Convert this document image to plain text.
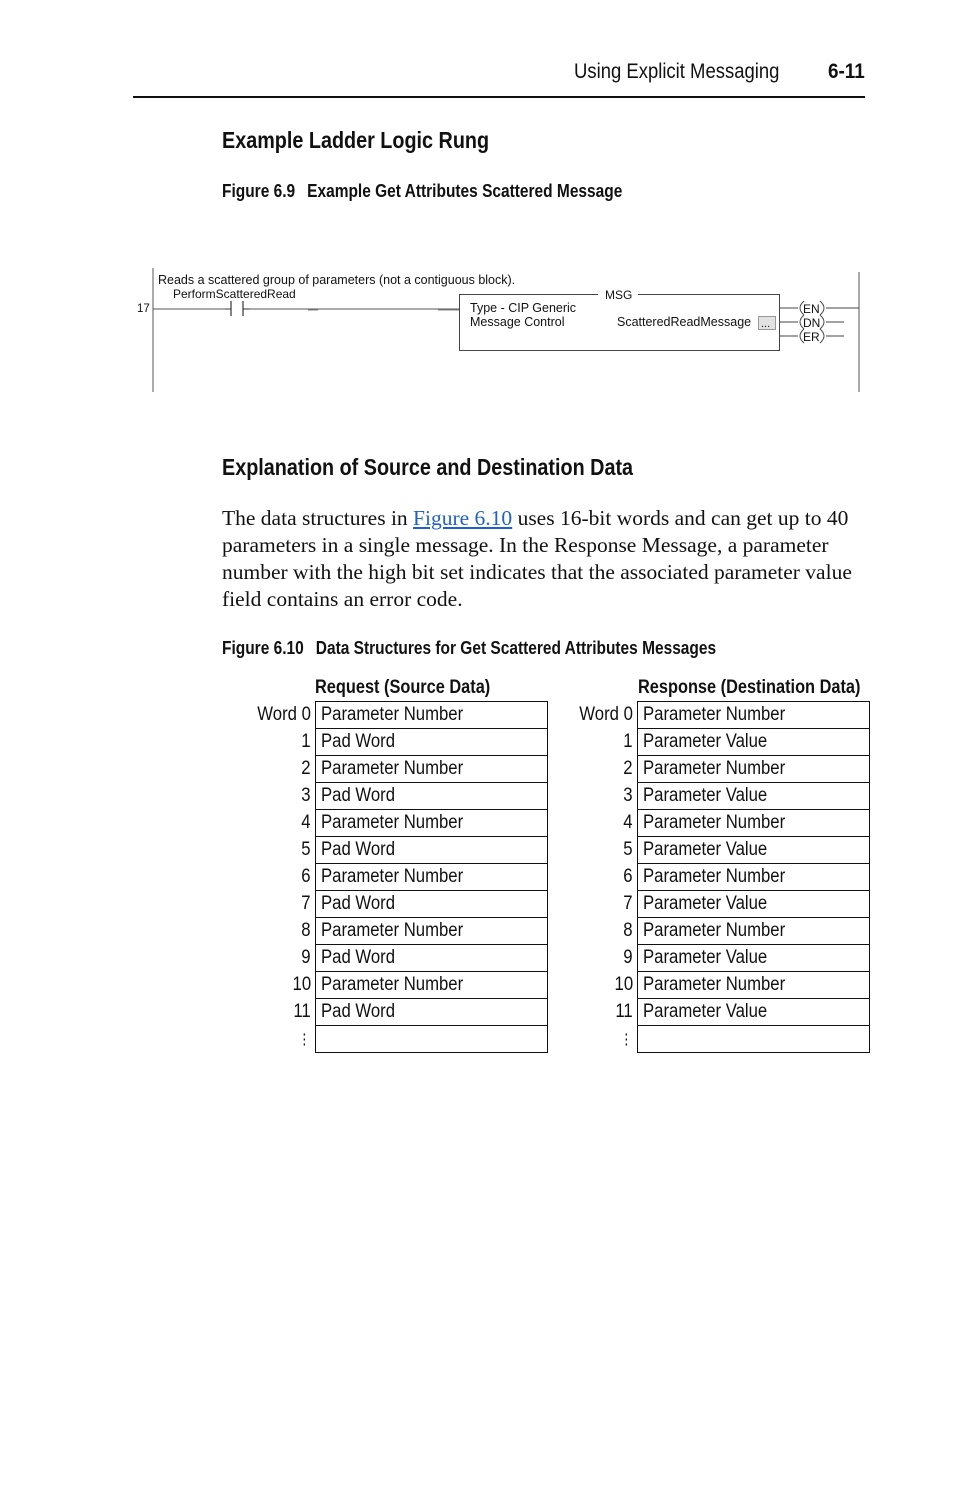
Using Explicit Messaging 6-11
Example Ladder Logic Rung
Figure 6.9 Example Get Attributes Scattered Message
Reads a scattered group of parameters (not a contiguous block).
17
PerformScatteredRead	MSG
Type - CIP Generic
Message Control	ScatteredReadMessage ...
EN
DN
ER
Explanation of Source and Destination Data
The data structures in Figure 6.10 uses 16-bit words and can get up to 40 parameters in a single message. In the Response Message, a parameter number with the high bit set indicates that the associated parameter value field contains an error code.
Figure 6.10 Data Structures for Get Scattered Attributes Messages
Request (Source Data)
Word 0	Parameter Number
1	Pad Word
2	Parameter Number
3	Pad Word
4	Parameter Number
5	Pad Word
6	Parameter Number
7	Pad Word
8	Parameter Number
9	Pad Word
10	Parameter Number
11	Pad Word
⋮	
Response (Destination Data)
Word 0	Parameter Number
1	Parameter Value
2	Parameter Number
3	Parameter Value
4	Parameter Number
5	Parameter Value
6	Parameter Number
7	Parameter Value
8	Parameter Number
9	Parameter Value
10	Parameter Number
11	Parameter Value
⋮	
